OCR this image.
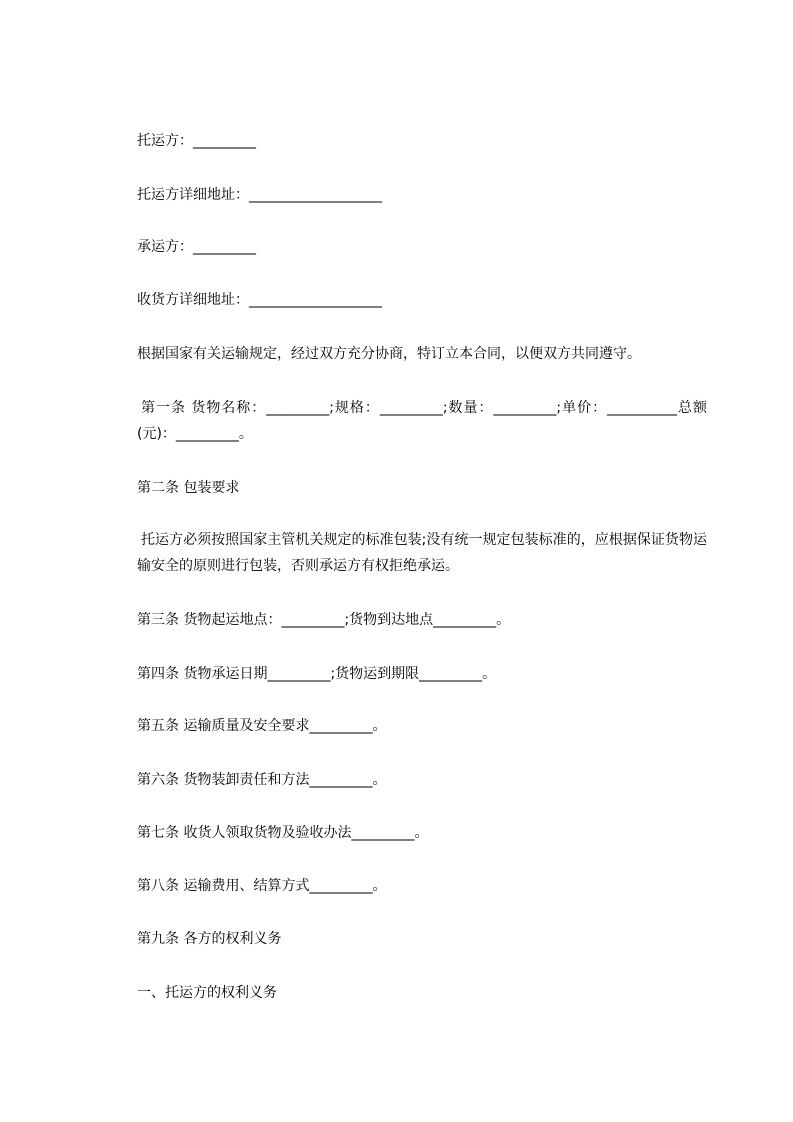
托运方：_________
托运方详细地址：___________________
承运方：_________
收货方详细地址：___________________
根据国家有关运输规定，经过双方充分协商，特订立本合同，以便双方共同遵守。
第一条 货物名称：_________;规格：_________;数量：_________;单价：__________总额(元)：_________。
第二条 包装要求
托运方必须按照国家主管机关规定的标准包装;没有统一规定包装标准的，应根据保证货物运输安全的原则进行包装，否则承运方有权拒绝承运。
第三条 货物起运地点：_________;货物到达地点_________。
第四条 货物承运日期_________;货物运到期限_________。
第五条 运输质量及安全要求_________。
第六条 货物装卸责任和方法_________。
第七条 收货人领取货物及验收办法_________。
第八条 运输费用、结算方式_________。
第九条 各方的权利义务
一、托运方的权利义务
